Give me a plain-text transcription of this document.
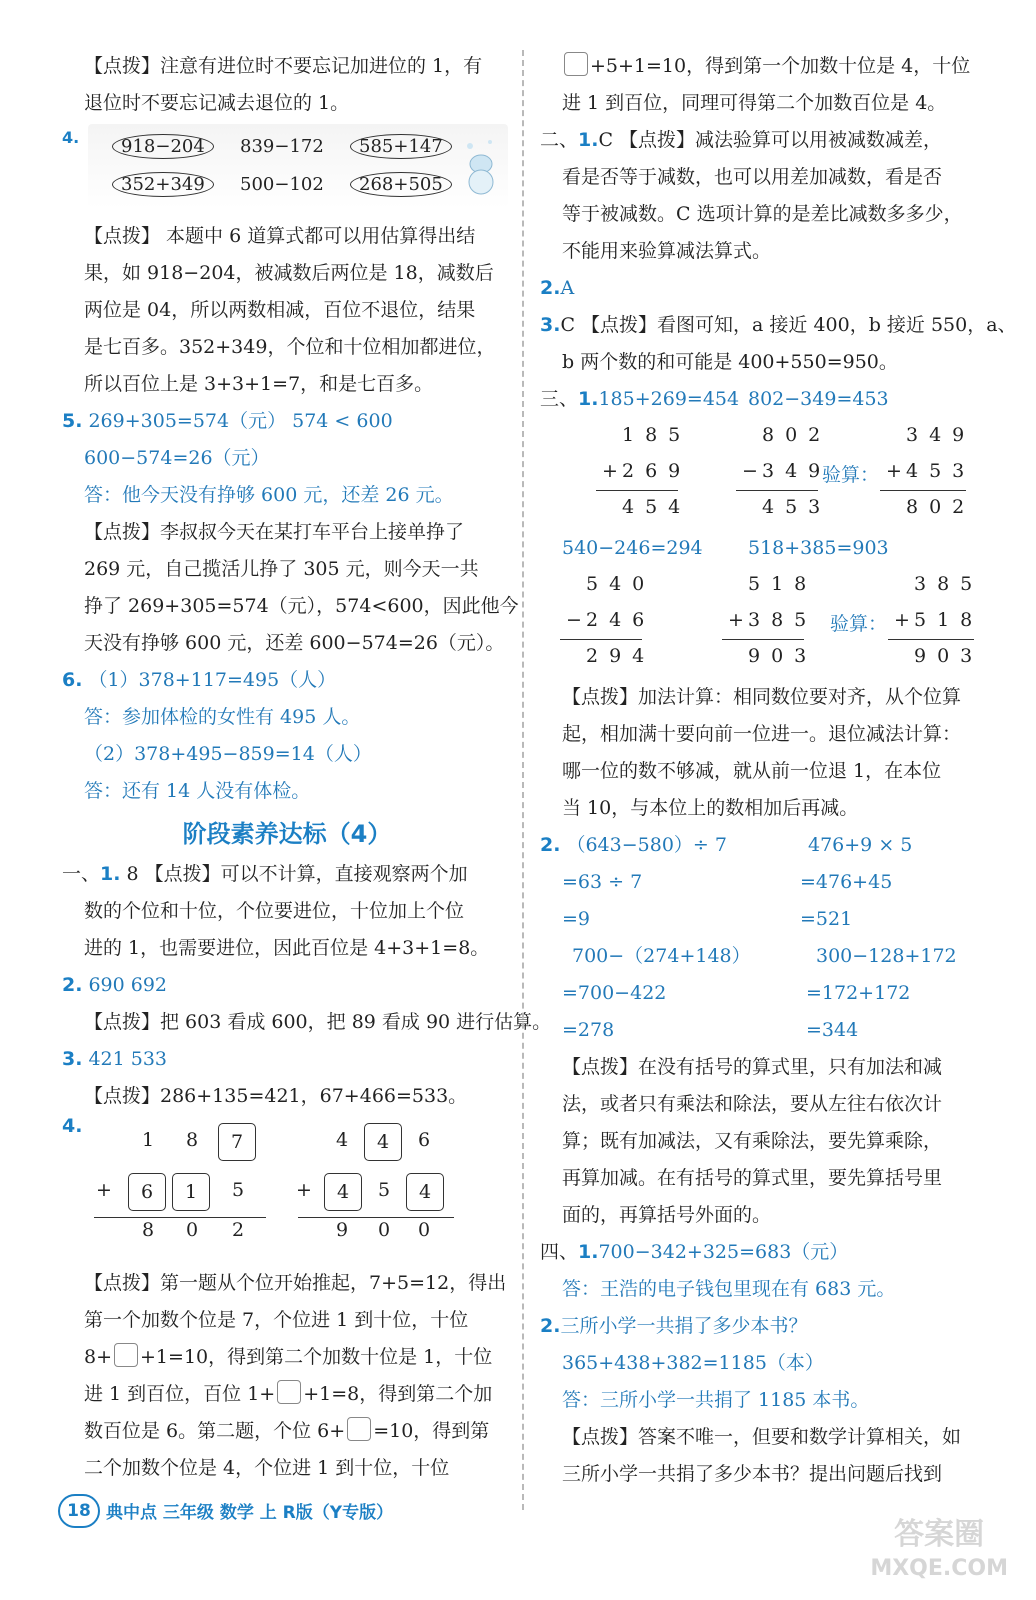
【点拨】注意有进位时不要忘记加进位的 1，有
退位时不要忘记减去退位的 1。
4.	918−204	839−172	585+147
352+349	500−102	268+505
【点拨】 本题中 6 道算式都可以用估算得出结
果，如 918−204，被减数后两位是 18，减数后
两位是 04，所以两数相减，百位不退位，结果
是七百多。352+349，个位和十位相加都进位，
所以百位上是 3+3+1=7，和是七百多。
5. 269+305=574（元） 574 < 600
600−574=26（元）
答：他今天没有挣够 600 元，还差 26 元。
【点拨】李叔叔今天在某打车平台上接单挣了
269 元，自己揽活儿挣了 305 元，则今天一共
挣了 269+305=574（元），574<600，因此他今
天没有挣够 600 元，还差 600−574=26（元）。
6. （1）378+117=495（人）
答：参加体检的女性有 495 人。
（2）378+495−859=14（人）
答：还有 14 人没有体检。
阶段素养达标（4）
一、1. 8 【点拨】可以不计算，直接观察两个加
数的个位和十位，个位要进位，十位加上个位
进的 1，也需要进位，因此百位是 4+3+1=8。
2. 690 692
【点拨】把 603 看成 600，把 89 看成 90 进行估算。
3. 421 533
【点拨】286+135=421，67+466=533。
4.
1	8	7
+	6	1	5
8	0	2
4	4	6
+	4	5	4
9	0	0
【点拨】第一题从个位开始推起，7+5=12，得出
第一个加数个位是 7，个位进 1 到十位，十位
8+ +1=10，得到第二个加数十位是 1，十位
进 1 到百位，百位 1+ +1=8，得到第二个加
数百位是 6。第二题，个位 6+ =10，得到第
二个加数个位是 4，个位进 1 到十位，十位
+5+1=10，得到第一个加数十位是 4，十位
进 1 到百位，同理可得第二个加数百位是 4。
二、1.C 【点拨】减法验算可以用被减数减差，
看是否等于减数，也可以用差加减数，看是否
等于被减数。C 选项计算的是差比减数多多少，
不能用来验算减法算式。
2.A
3.C 【点拨】看图可知，a 接近 400，b 接近 550，a、
b 两个数的和可能是 400+550=950。
三、1.185+269=454 802−349=453
185
+ 269
454
802
− 349
验算：
453
349
+ 453
802
540−246=294 518+385=903
540
− 246
294
518
+ 385 验算：
903
385
+ 518
903
【点拨】加法计算：相同数位要对齐，从个位算
起，相加满十要向前一位进一。退位减法计算：
哪一位的数不够减，就从前一位退 1，在本位
当 10，与本位上的数相加后再减。
2. （643−580）÷ 7	476+9 × 5
=63 ÷ 7	=476+45
=9	=521
700−（274+148）	300−128+172
=700−422	=172+172
=278	=344
【点拨】在没有括号的算式里，只有加法和减
法，或者只有乘法和除法，要从左往右依次计
算；既有加减法，又有乘除法，要先算乘除，
再算加减。在有括号的算式里，要先算括号里
面的，再算括号外面的。
四、1.700−342+325=683（元）
答：王浩的电子钱包里现在有 683 元。
2.三所小学一共捐了多少本书？
365+438+382=1185（本）
答：三所小学一共捐了 1185 本书。
【点拨】答案不唯一，但要和数学计算相关，如
三所小学一共捐了多少本书？提出问题后找到
18 典中点 三年级 数学 上 R版（Y专版）
答案圈
MXQE.COM
